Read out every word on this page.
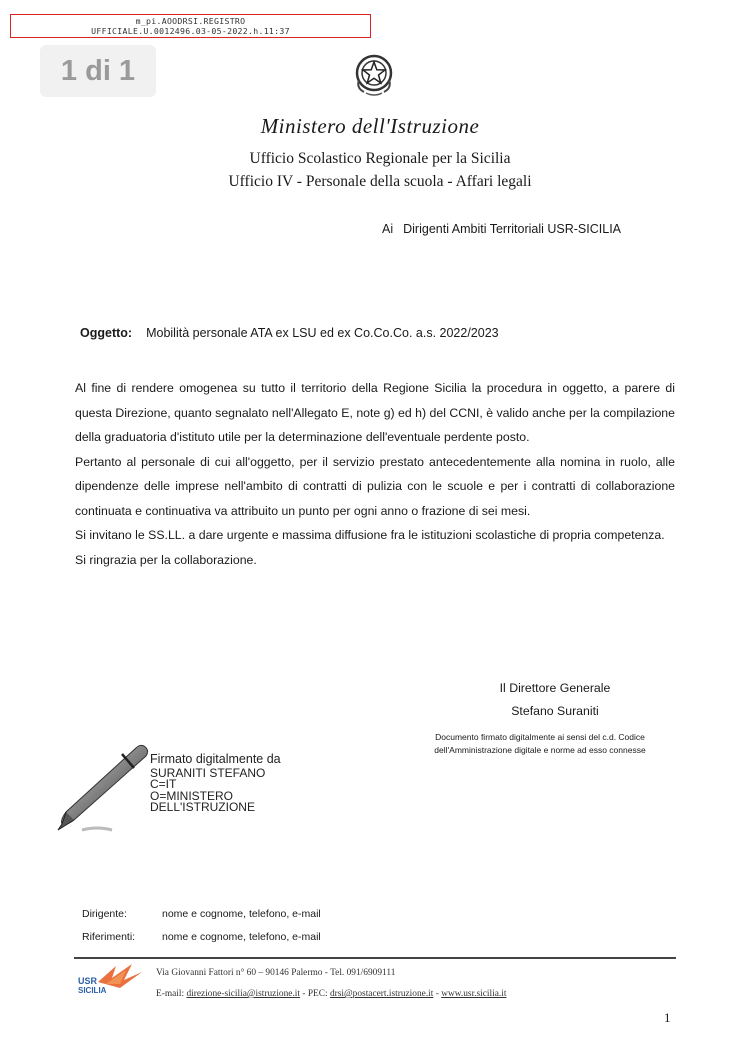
m_pi.AOODRSI.REGISTRO
UFFICIALE.U.0012496.03-05-2022.h.11:37
1 di 1
Ministero dell'Istruzione
Ufficio Scolastico Regionale per la Sicilia
Ufficio IV - Personale della scuola - Affari legali
Ai Dirigenti Ambiti Territoriali USR-SICILIA
Oggetto: Mobilità personale ATA ex LSU ed ex Co.Co.Co. a.s. 2022/2023

Al fine di rendere omogenea su tutto il territorio della Regione Sicilia la procedura in oggetto, a parere di questa Direzione, quanto segnalato nell'Allegato E, note g) ed h) del CCNI, è valido anche per la compilazione della graduatoria d'istituto utile per la determinazione dell'eventuale perdente posto.

Pertanto al personale di cui all'oggetto, per il servizio prestato antecedentemente alla nomina in ruolo, alle dipendenze delle imprese nell'ambito di contratti di pulizia con le scuole e per i contratti di collaborazione continuata e continuativa va attribuito un punto per ogni anno o frazione di sei mesi.

Si invitano le SS.LL. a dare urgente e massima diffusione fra le istituzioni scolastiche di propria competenza.

Si ringrazia per la collaborazione.

Il Direttore Generale
Stefano Suraniti
Documento firmato digitalmente ai sensi del c.d. Codice
dell'Amministrazione digitale e norme ad esso connesse
Firmato digitalmente da
SURANITI STEFANO
C=IT
O=MINISTERO
DELL'ISTRUZIONE
Dirigente:	nome e cognome, telefono, e-mail
Riferimenti:	nome e cognome, telefono, e-mail
USR
SICILIA
Via Giovanni Fattori n° 60 – 90146 Palermo - Tel. 091/6909111
E-mail: direzione-sicilia@istruzione.it - PEC: drsi@postacert.istruzione.it - www.usr.sicilia.it
1
